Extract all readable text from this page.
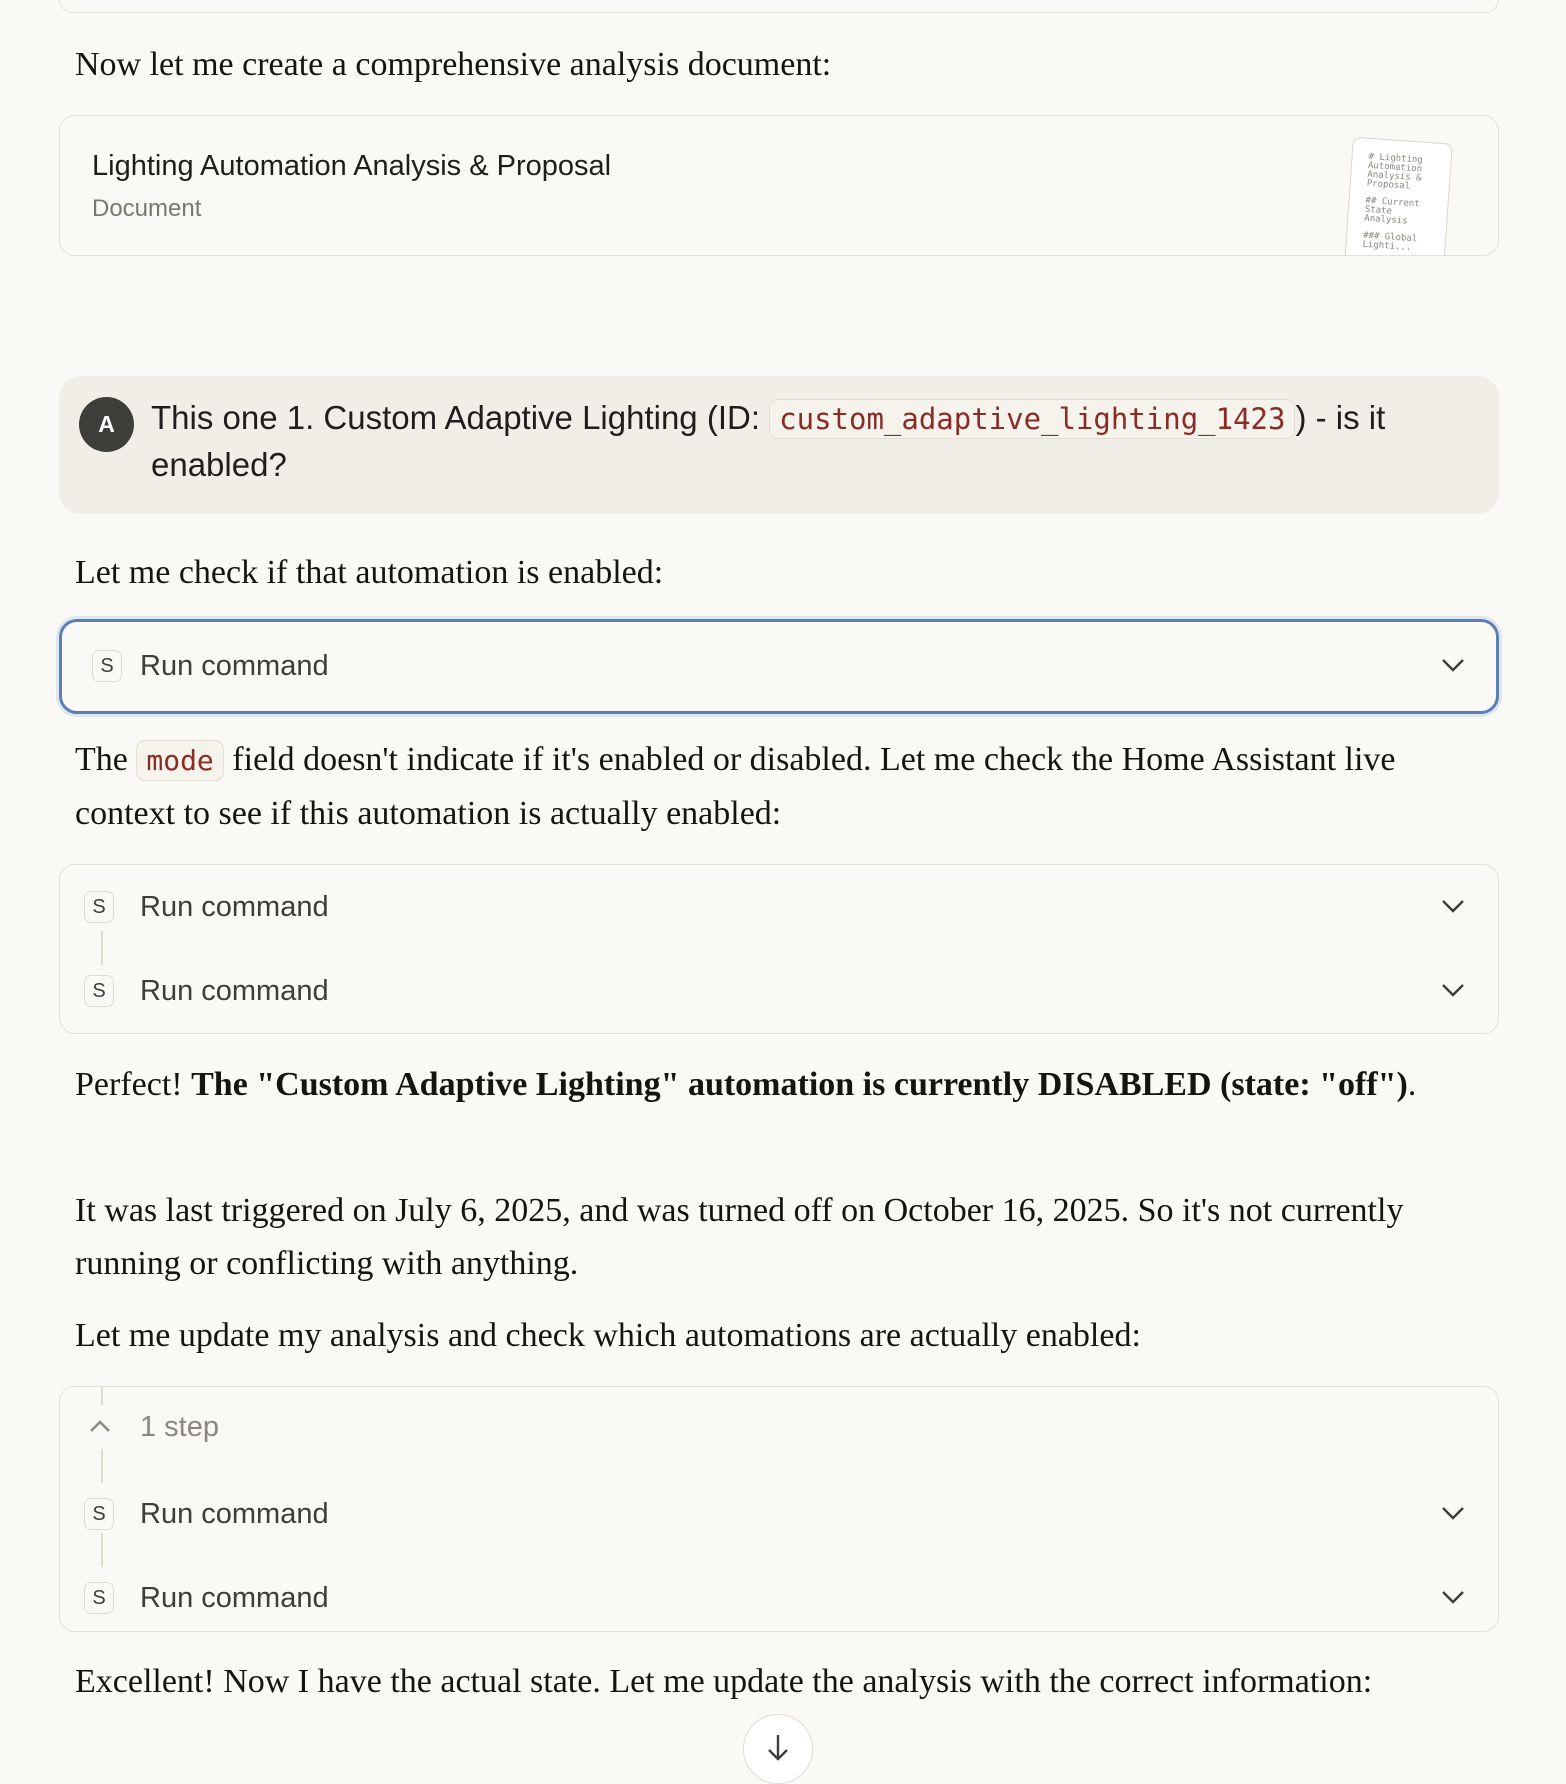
Now let me create a comprehensive analysis document:

Lighting Automation Analysis & Proposal
Document
# Lighting Automation Analysis & Proposal
## Current State Analysis
### Global Lighti...
A	This one 1. Custom Adaptive Lighting (ID: custom_adaptive_lighting_1423 ) - is it enabled?

Let me check if that automation is enabled:

S Run command

The mode field doesn't indicate if it's enabled or disabled. Let me check the Home Assistant live context to see if this automation is actually enabled:

S Run command
S Run command

Perfect! The "Custom Adaptive Lighting" automation is currently DISABLED (state: "off").

It was last triggered on July 6, 2025, and was turned off on October 16, 2025. So it's not currently running or conflicting with anything.

Let me update my analysis and check which automations are actually enabled:

1 step
S Run command
S Run command

Excellent! Now I have the actual state. Let me update the analysis with the correct information:
